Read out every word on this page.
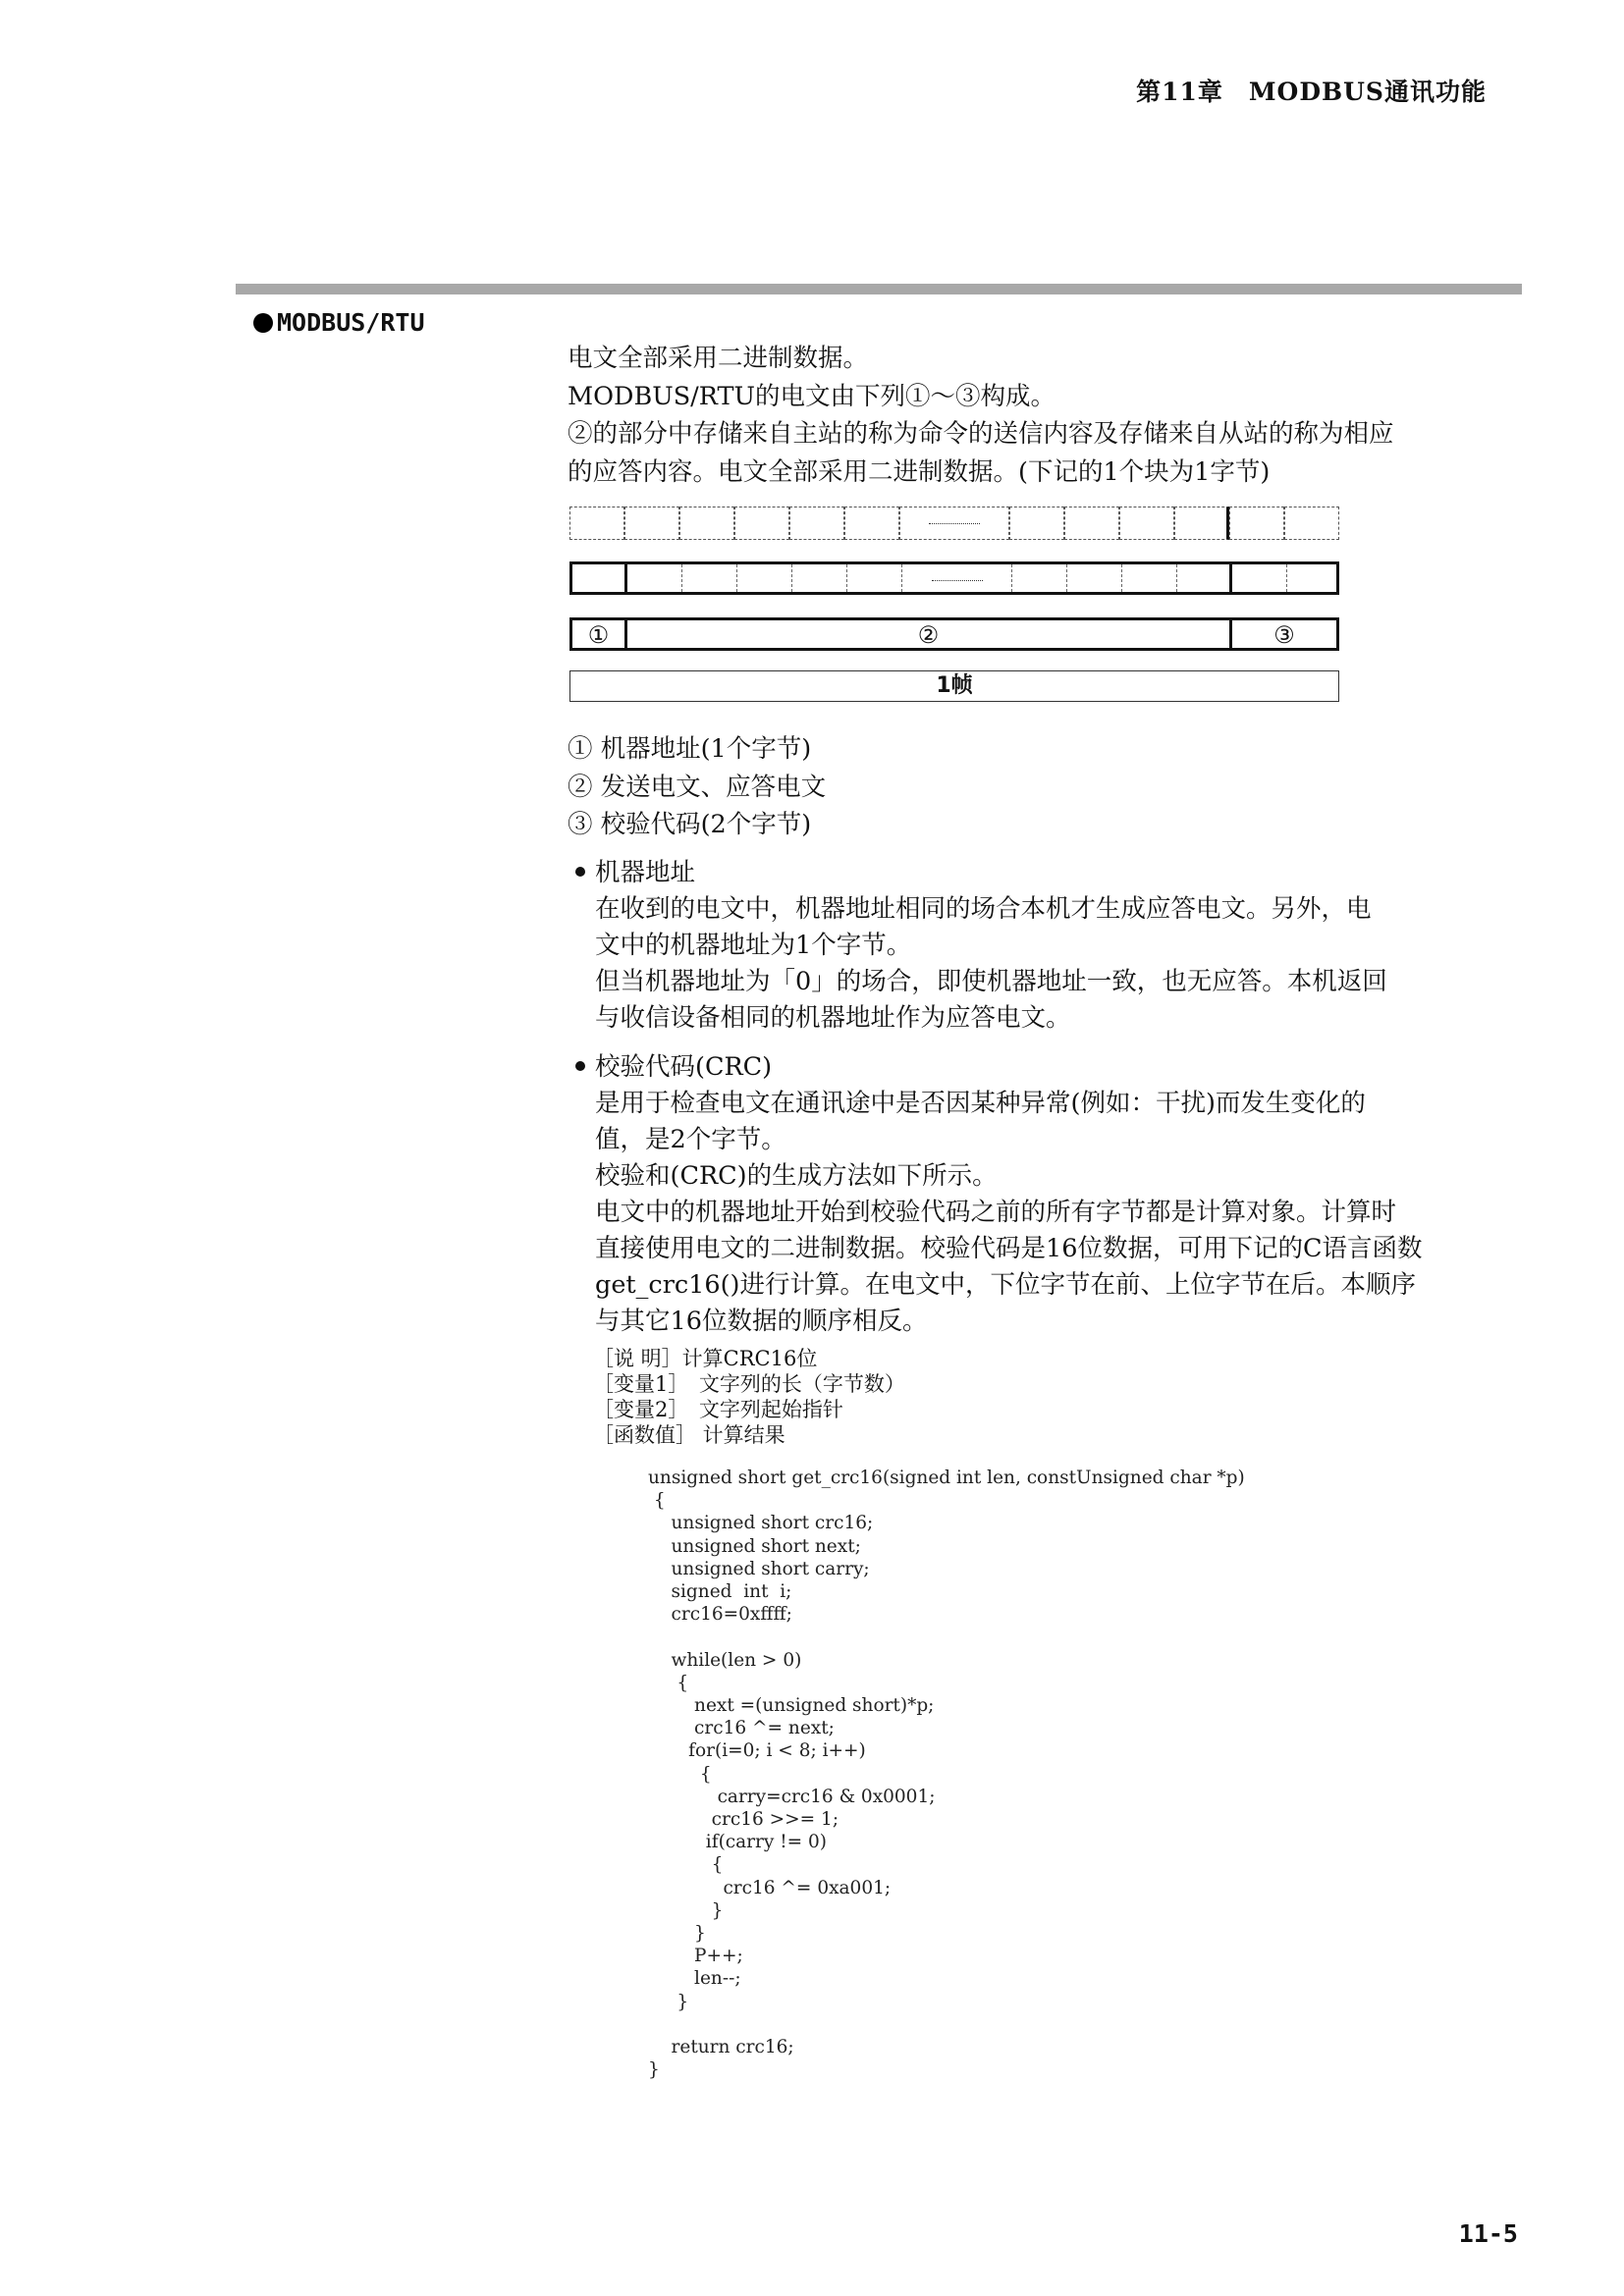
第11章　MODBUS通讯功能
MODBUS/RTU

电文全部采用二进制数据。

MODBUS/RTU的电文由下列①～③构成。

②的部分中存储来自主站的称为命令的送信内容及存储来自从站的称为相应

的应答内容。电文全部采用二进制数据。(下记的1个块为1字节)

①	②	③
1帧
① 机器地址(1个字节)
② 发送电文、应答电文
③ 校验代码(2个字节)
机器地址

在收到的电文中，机器地址相同的场合本机才生成应答电文。另外，电

文中的机器地址为1个字节。

但当机器地址为「0」的场合，即使机器地址一致，也无应答。本机返回

与收信设备相同的机器地址作为应答电文。

校验代码(CRC)

是用于检查电文在通讯途中是否因某种异常(例如：干扰)而发生变化的

值，是2个字节。

校验和(CRC)的生成方法如下所示。

电文中的机器地址开始到校验代码之前的所有字节都是计算对象。计算时

直接使用电文的二进制数据。校验代码是16位数据，可用下记的C语言函数

get_crc16()进行计算。在电文中，下位字节在前、上位字节在后。本顺序

与其它16位数据的顺序相反。

［说 明］计算CRC16位
［变量1］　文字列的长（字节数）
［变量2］　文字列起始指针
［函数值］ 计算结果
unsigned short get_crc16(signed int len, constUnsigned char *p)
{
unsigned short crc16;
unsigned short next;
unsigned short carry;
signed  int  i;
crc16=0xffff;

while(len > 0)
{
next =(unsigned short)*p;
crc16 ^= next;
for(i=0; i < 8; i++)
{
carry=crc16 & 0x0001;
crc16 >>= 1;
if(carry != 0)
{
crc16 ^= 0xa001;
}
}
P++;
len--;
}

return crc16;
}
11-5
